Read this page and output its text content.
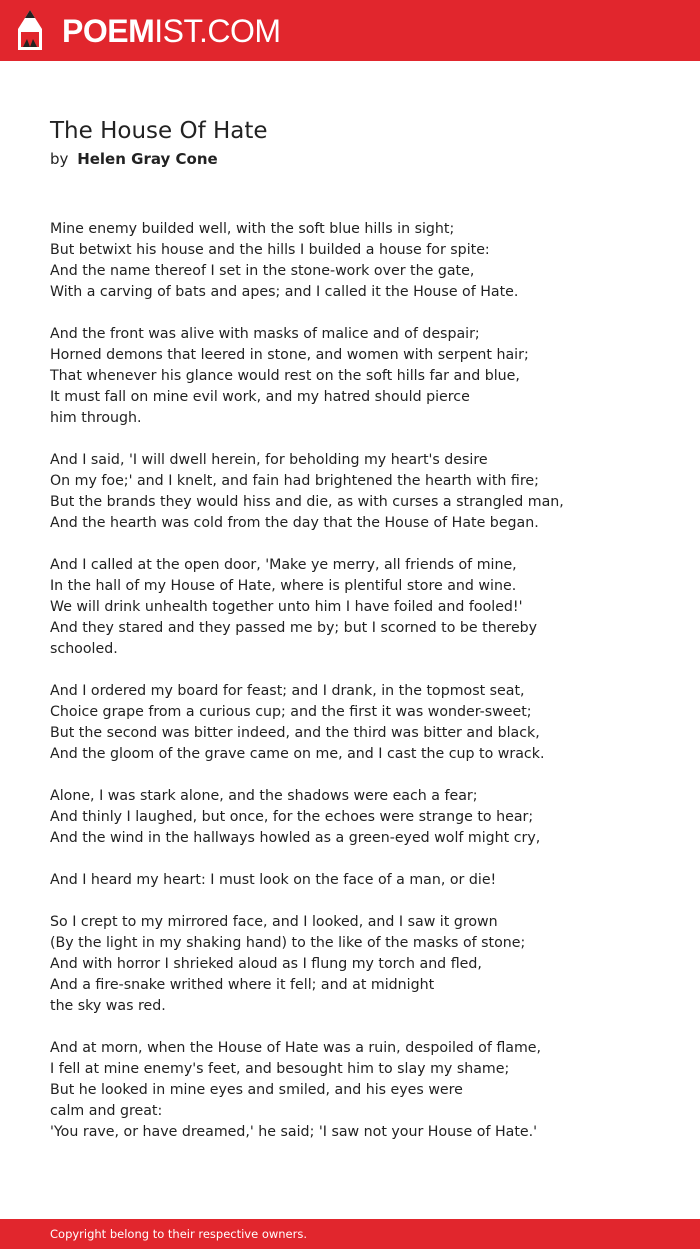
POEMIST.COM
The House Of Hate
by Helen Gray Cone
Mine enemy builded well, with the soft blue hills in sight;
But betwixt his house and the hills I builded a house for spite:
And the name thereof I set in the stone-work over the gate,
With a carving of bats and apes; and I called it the House of Hate.
And the front was alive with masks of malice and of despair;
Horned demons that leered in stone, and women with serpent hair;
That whenever his glance would rest on the soft hills far and blue,
It must fall on mine evil work, and my hatred should pierce
him through.
And I said, 'I will dwell herein, for beholding my heart's desire
On my foe;' and I knelt, and fain had brightened the hearth with fire;
But the brands they would hiss and die, as with curses a strangled man,
And the hearth was cold from the day that the House of Hate began.
And I called at the open door, 'Make ye merry, all friends of mine,
In the hall of my House of Hate, where is plentiful store and wine.
We will drink unhealth together unto him I have foiled and fooled!'
And they stared and they passed me by; but I scorned to be thereby
schooled.
And I ordered my board for feast; and I drank, in the topmost seat,
Choice grape from a curious cup; and the first it was wonder-sweet;
But the second was bitter indeed, and the third was bitter and black,
And the gloom of the grave came on me, and I cast the cup to wrack.
Alone, I was stark alone, and the shadows were each a fear;
And thinly I laughed, but once, for the echoes were strange to hear;
And the wind in the hallways howled as a green-eyed wolf might cry,
And I heard my heart: I must look on the face of a man, or die!
So I crept to my mirrored face, and I looked, and I saw it grown
(By the light in my shaking hand) to the like of the masks of stone;
And with horror I shrieked aloud as I flung my torch and fled,
And a fire-snake writhed where it fell; and at midnight
the sky was red.
And at morn, when the House of Hate was a ruin, despoiled of flame,
I fell at mine enemy's feet, and besought him to slay my shame;
But he looked in mine eyes and smiled, and his eyes were
calm and great:
'You rave, or have dreamed,' he said; 'I saw not your House of Hate.'
Copyright belong to their respective owners.
